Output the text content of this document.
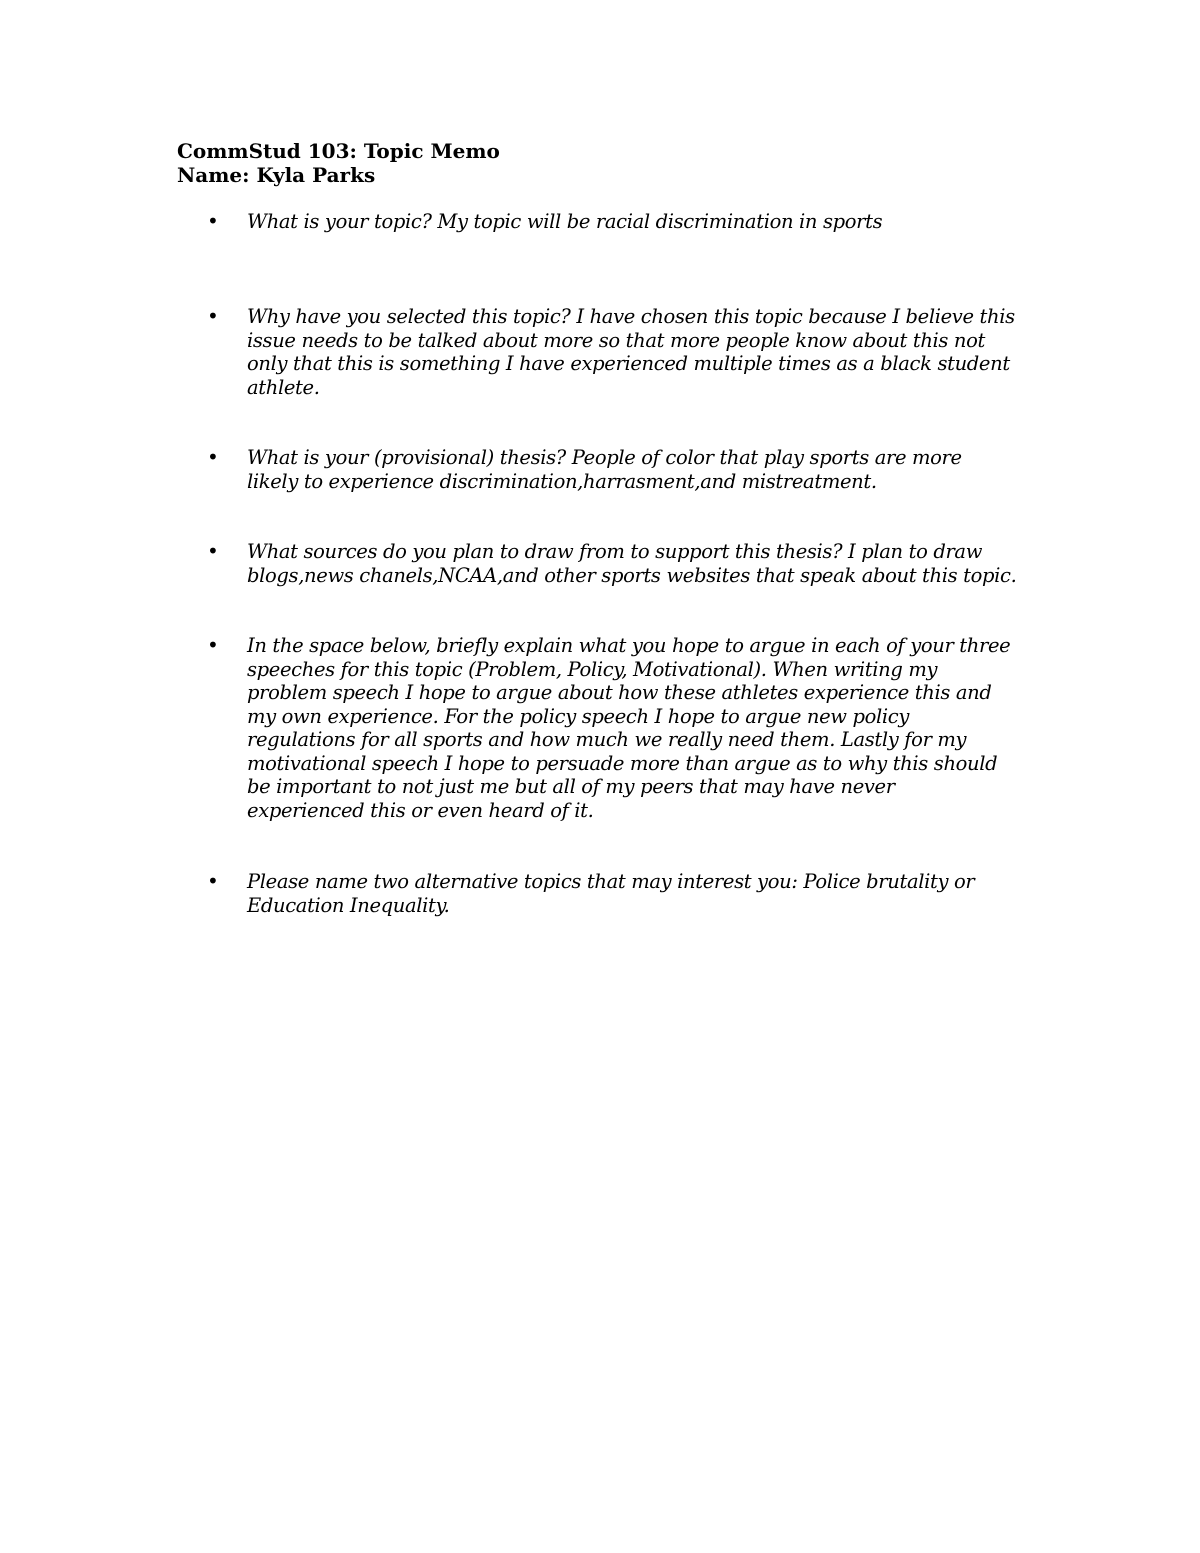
CommStud 103: Topic Memo
Name: Kyla Parks
•	What is your topic? My topic will be racial discrimination in sports
•	Why have you selected this topic? I have chosen this topic because I believe this
issue needs to be talked about more so that more people know about this not
only that this is something I have experienced multiple times as a black student
athlete.
•	What is your (provisional) thesis? People of color that play sports are more
likely to experience discrimination,harrasment,and mistreatment.
•	What sources do you plan to draw from to support this thesis? I plan to draw
blogs,news chanels,NCAA,and other sports websites that speak about this topic.
•	In the space below, briefly explain what you hope to argue in each of your three
speeches for this topic (Problem, Policy, Motivational). When writing my
problem speech I hope to argue about how these athletes experience this and
my own experience. For the policy speech I hope to argue new policy
regulations for all sports and how much we really need them. Lastly for my
motivational speech I hope to persuade more than argue as to why this should
be important to not just me but all of my peers that may have never
experienced this or even heard of it.
•	Please name two alternative topics that may interest you: Police brutality or
Education Inequality.
